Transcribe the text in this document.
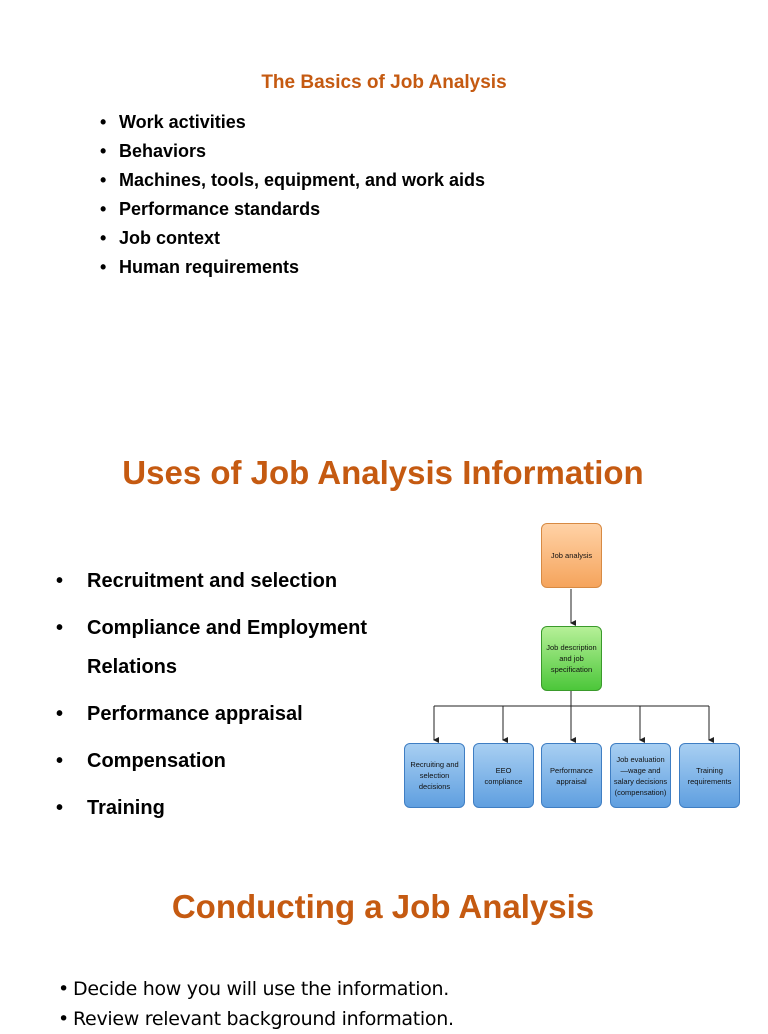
The Basics of Job Analysis
• Work activities
• Behaviors
• Machines, tools, equipment, and work aids
• Performance standards
• Job context
• Human requirements
Uses of Job Analysis Information
• Recruitment and selection
• Compliance and Employment Relations
• Performance appraisal
• Compensation
• Training
Job analysis
Job description and job specification
Recruiting and selection decisions
EEO compliance
Performance appraisal
Job evaluation—wage and salary decisions (compensation)
Training requirements
Conducting a Job Analysis
• Decide how you will use the information.
• Review relevant background information.
